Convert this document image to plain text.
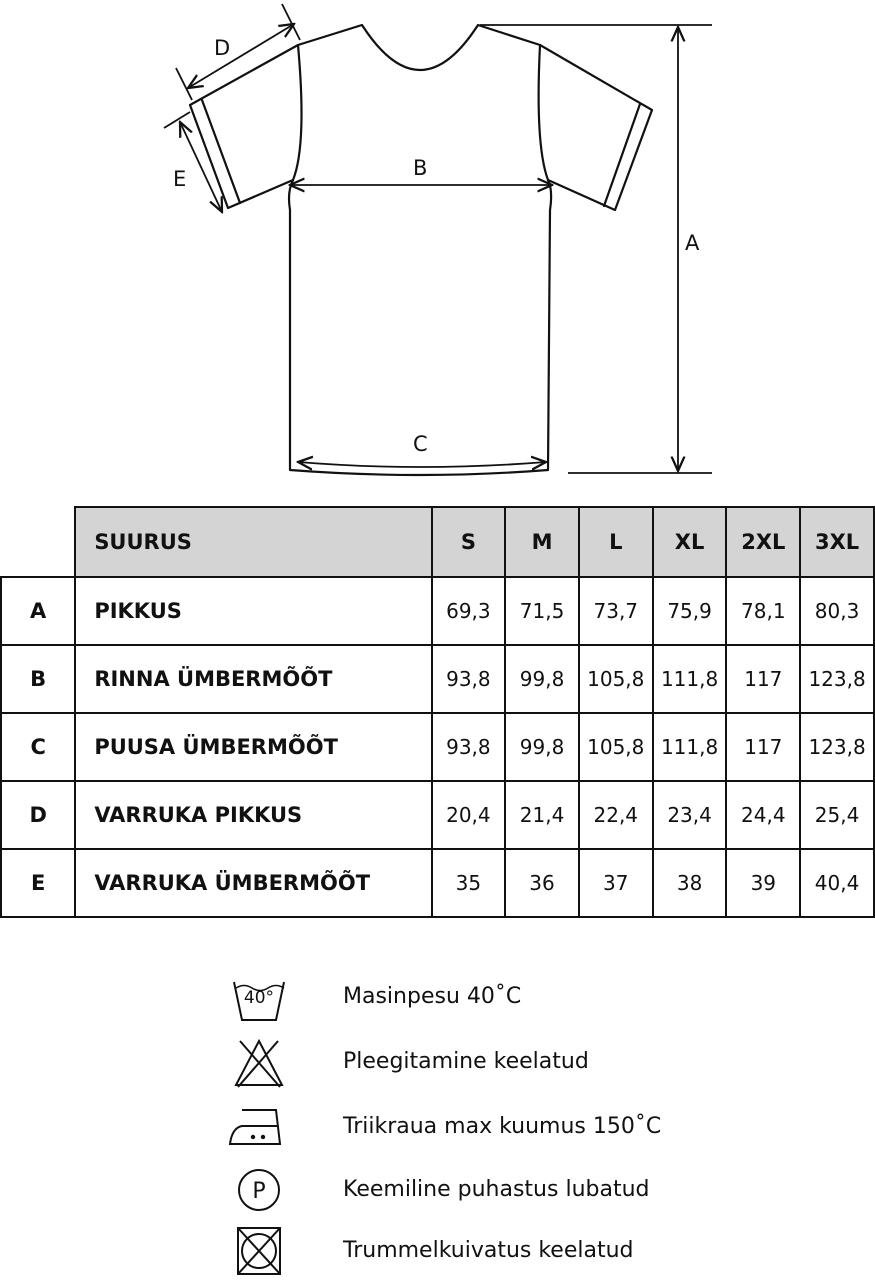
D
E	B
A
C
	SUURUS	S	M	L	XL	2XL	3XL
A	PIKKUS	69,3	71,5	73,7	75,9	78,1	80,3
B	RINNA ÜMBERMÕÕT	93,8	99,8	105,8	111,8	117	123,8
C	PUUSA ÜMBERMÕÕT	93,8	99,8	105,8	111,8	117	123,8
D	VARRUKA PIKKUS	20,4	21,4	22,4	23,4	24,4	25,4
E	VARRUKA ÜMBERMÕÕT	35	36	37	38	39	40,4
40°	Masinpesu 40˚C
Pleegitamine keelatud
Triikraua max kuumus 150˚C
P	Keemiline puhastus lubatud
Trummelkuivatus keelatud
